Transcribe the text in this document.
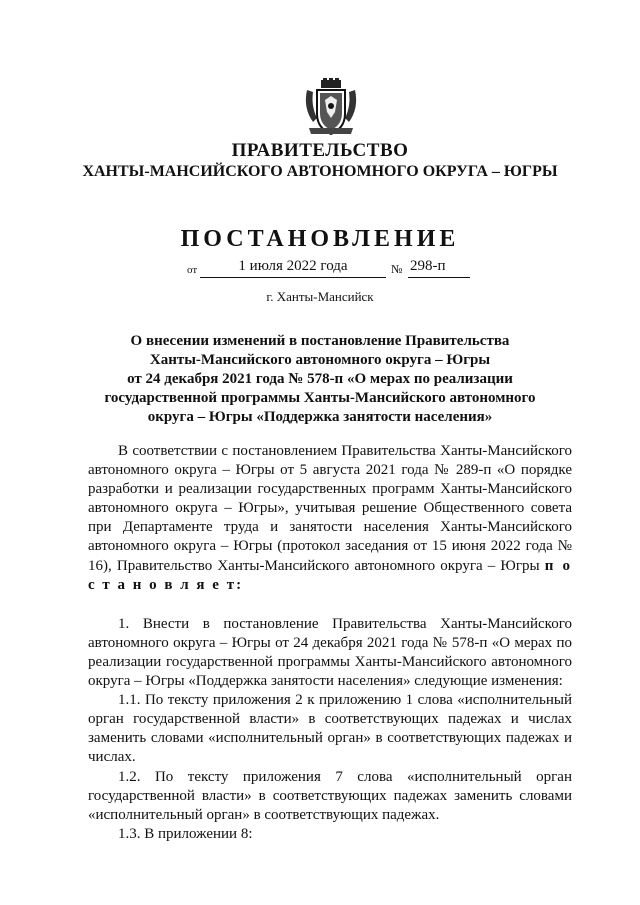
ПРАВИТЕЛЬСТВО
ХАНТЫ-МАНСИЙСКОГО АВТОНОМНОГО ОКРУГА – ЮГРЫ
ПОСТАНОВЛЕНИЕ
от	1 июля 2022 года	№ 298-п
г. Ханты-Мансийск
О внесении изменений в постановление Правительства
Ханты-Мансийского автономного округа – Югры
от 24 декабря 2021 года № 578-п «О мерах по реализации
государственной программы Ханты-Мансийского автономного
округа – Югры «Поддержка занятости населения»

В соответствии с постановлением Правительства Ханты-Мансийского автономного округа – Югры от 5 августа 2021 года № 289-п «О порядке разработки и реализации государственных программ Ханты-Мансийского автономного округа – Югры», учитывая решение Общественного совета при Департаменте труда и занятости населения Ханты-Мансийского автономного округа – Югры (протокол заседания от 15 июня 2022 года № 16), Правительство Ханты-Мансийского автономного округа – Югры п о с т а н о в л я е т:

1. Внести в постановление Правительства Ханты-Мансийского автономного округа – Югры от 24 декабря 2021 года № 578-п «О мерах по реализации государственной программы Ханты-Мансийского автономного округа – Югры «Поддержка занятости населения» следующие изменения:

1.1. По тексту приложения 2 к приложению 1 слова «исполнительный орган государственной власти» в соответствующих падежах и числах заменить словами «исполнительный орган» в соответствующих падежах и числах.

1.2. По тексту приложения 7 слова «исполнительный орган государственной власти» в соответствующих падежах заменить словами «исполнительный орган» в соответствующих падежах.

1.3. В приложении 8:
